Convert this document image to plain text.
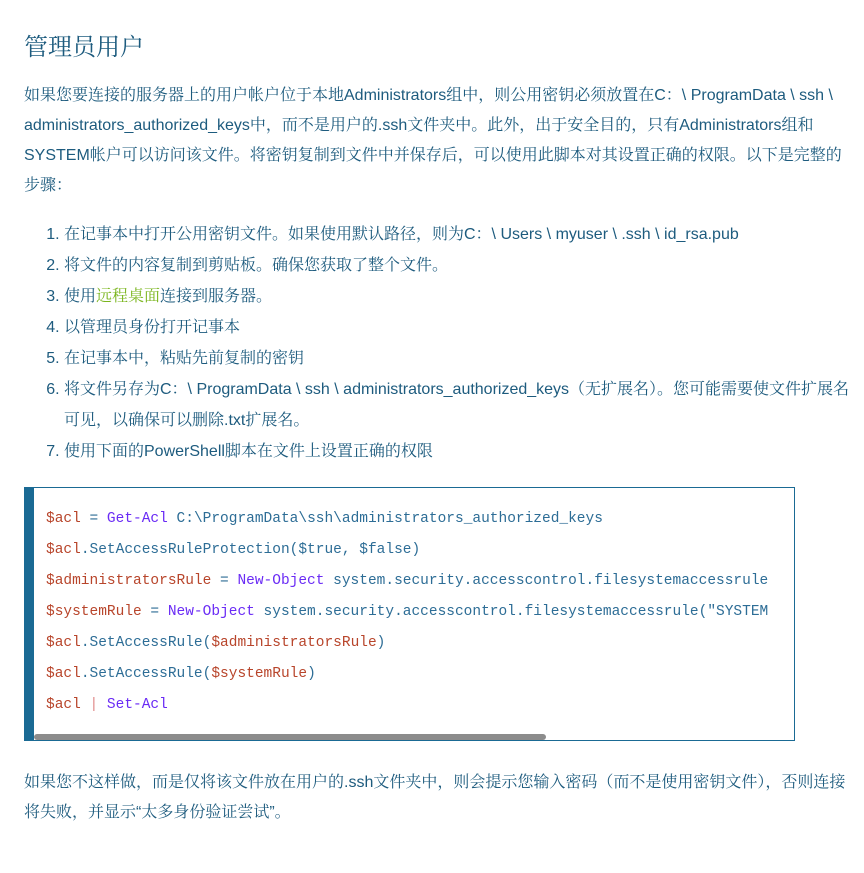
管理员用户

如果您要连接的服务器上的用户帐户位于本地Administrators组中，则公用密钥必须放置在C：\ ProgramData \ ssh \ administrators_authorized_keys中，而不是用户的.ssh文件夹中。此外，出于安全目的，只有Administrators组和SYSTEM帐户可以访问该文件。将密钥复制到文件中并保存后，可以使用此脚本对其设置正确的权限。以下是完整的步骤：

1. 在记事本中打开公用密钥文件。如果使用默认路径，则为C：\ Users \ myuser \ .ssh \ id_rsa.pub
2. 将文件的内容复制到剪贴板。确保您获取了整个文件。
3. 使用远程桌面连接到服务器。
4. 以管理员身份打开记事本
5. 在记事本中，粘贴先前复制的密钥
6. 将文件另存为C：\ ProgramData \ ssh \ administrators_authorized_keys（无扩展名）。您可能需要使文件扩展名可见，以确保可以删除.txt扩展名。
7. 使用下面的PowerShell脚本在文件上设置正确的权限
$acl = Get-Acl C:\ProgramData\ssh\administrators_authorized_keys
$acl.SetAccessRuleProtection($true, $false)
$administratorsRule = New-Object system.security.accesscontrol.filesystemaccessrule
$systemRule = New-Object system.security.accesscontrol.filesystemaccessrule("SYSTEM
$acl.SetAccessRule($administratorsRule)
$acl.SetAccessRule($systemRule)
$acl | Set-Acl

如果您不这样做，而是仅将该文件放在用户的.ssh文件夹中，则会提示您输入密码（而不是使用密钥文件），否则连接将失败，并显示“太多身份验证尝试”。
